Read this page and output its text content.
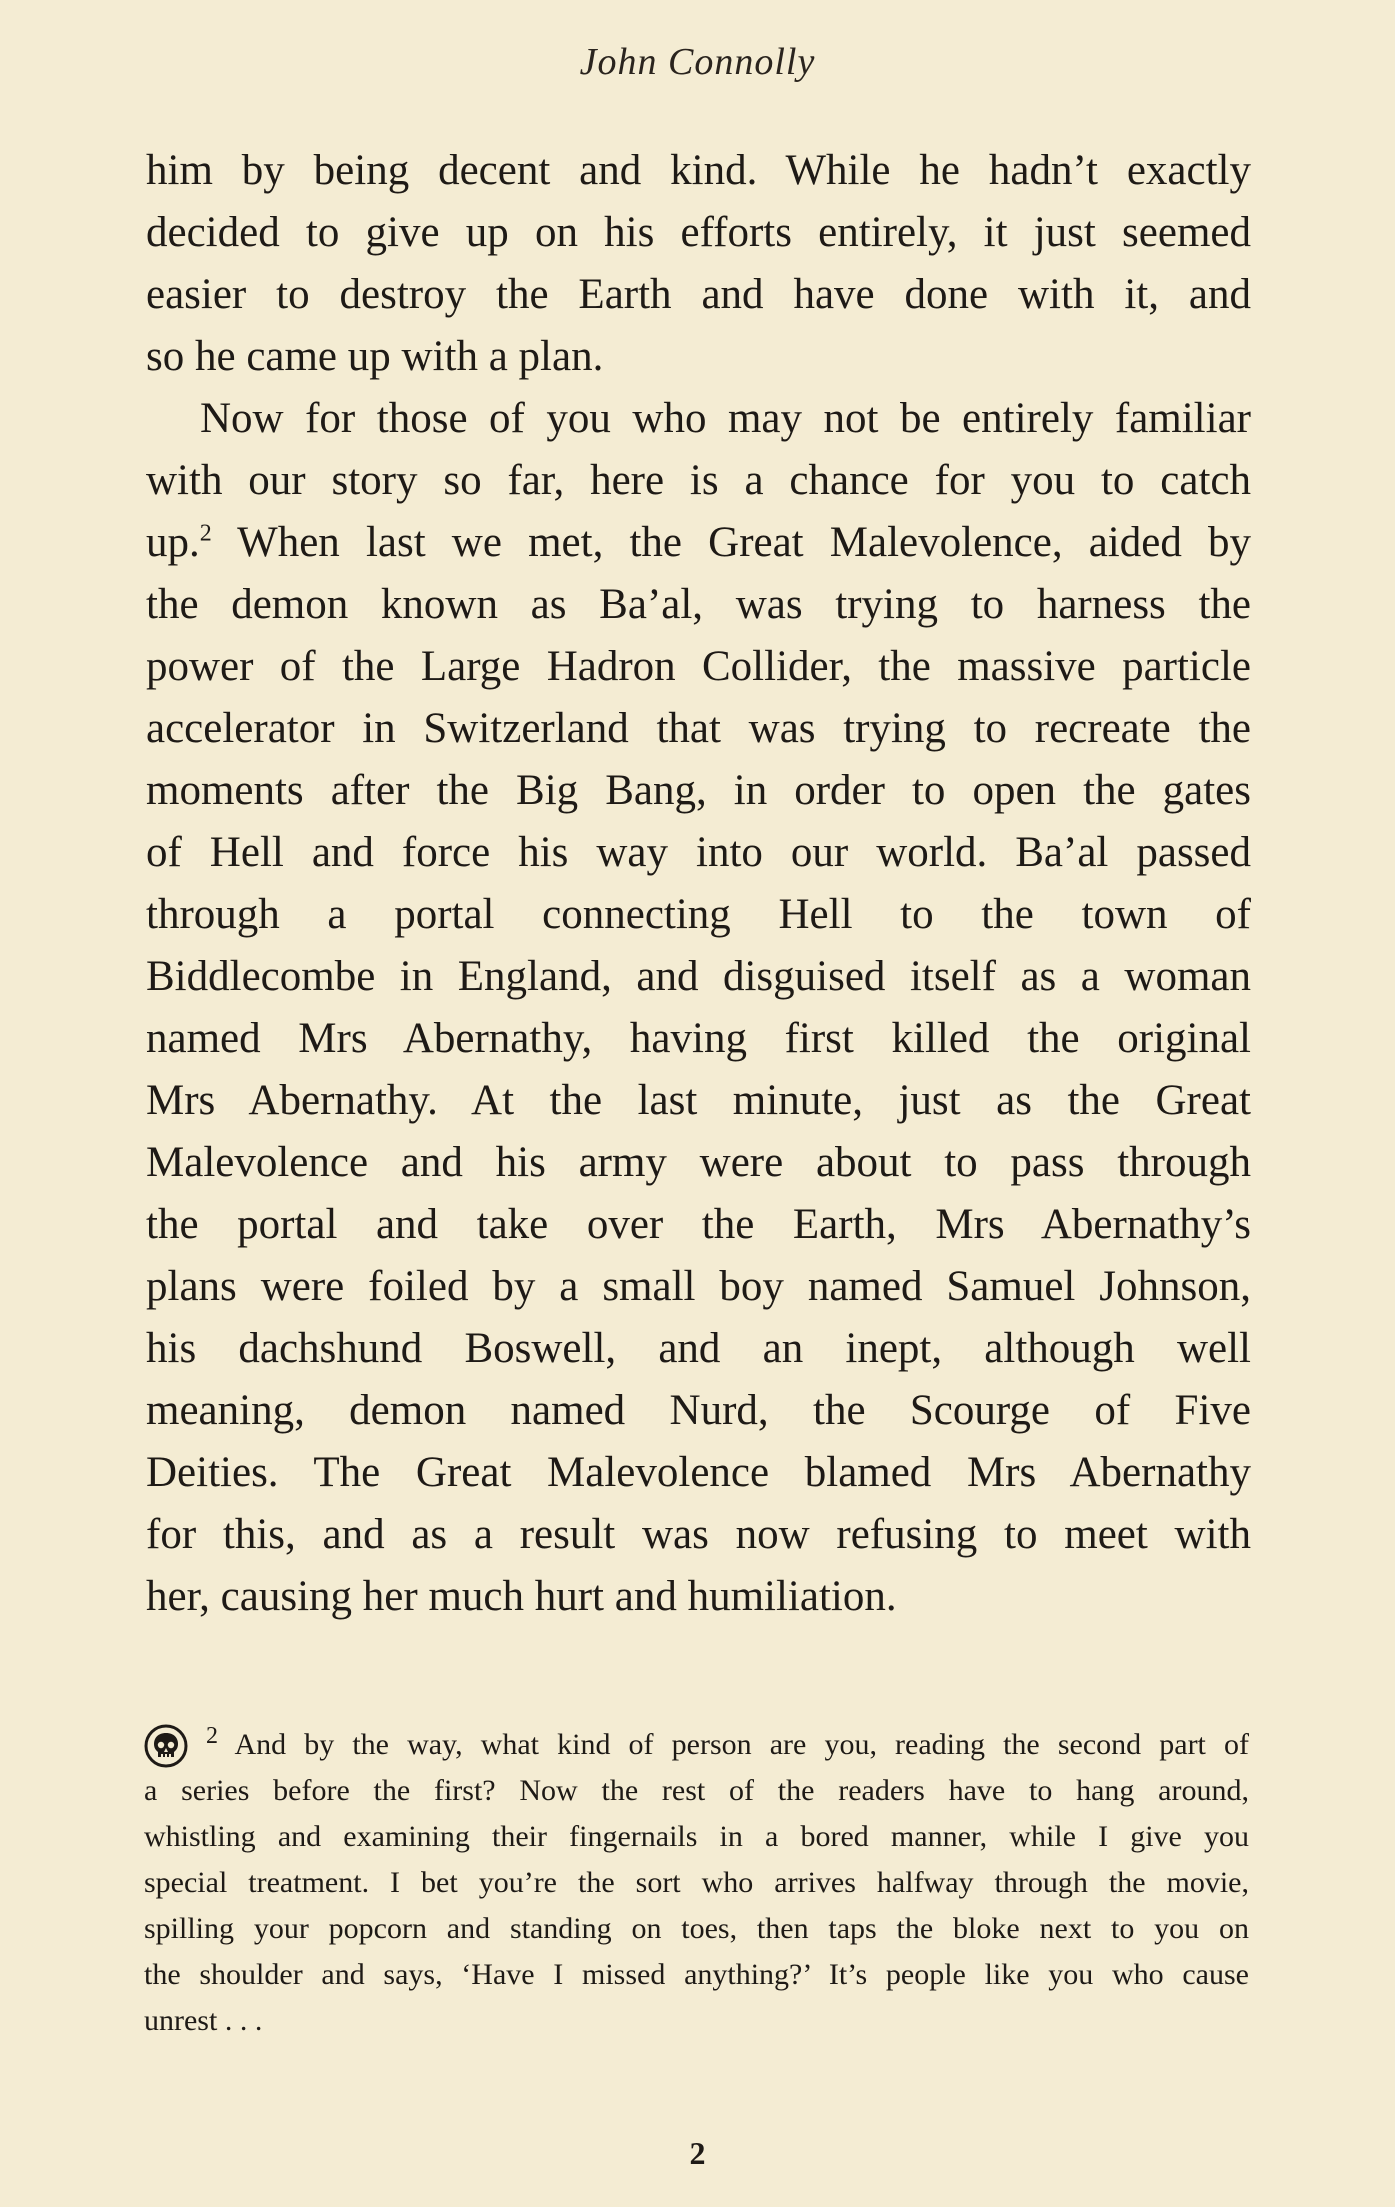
John Connolly
him by being decent and kind. While he hadn’t exactly
decided to give up on his efforts entirely, it just seemed
easier to destroy the Earth and have done with it, and
so he came up with a plan.
Now for those of you who may not be entirely familiar
with our story so far, here is a chance for you to catch
up.$^2$ When last we met, the Great Malevolence, aided by
the demon known as Ba’al, was trying to harness the
power of the Large Hadron Collider, the massive particle
accelerator in Switzerland that was trying to recreate the
moments after the Big Bang, in order to open the gates
of Hell and force his way into our world. Ba’al passed
through a portal connecting Hell to the town of
Biddlecombe in England, and disguised itself as a woman
named Mrs Abernathy, having first killed the original
Mrs Abernathy. At the last minute, just as the Great
Malevolence and his army were about to pass through
the portal and take over the Earth, Mrs Abernathy’s
plans were foiled by a small boy named Samuel Johnson,
his dachshund Boswell, and an inept, although well
meaning, demon named Nurd, the Scourge of Five
Deities. The Great Malevolence blamed Mrs Abernathy
for this, and as a result was now refusing to meet with
her, causing her much hurt and humiliation.
$^2$ And by the way, what kind of person are you, reading the second part of
a series before the first? Now the rest of the readers have to hang around,
whistling and examining their fingernails in a bored manner, while I give you
special treatment. I bet you’re the sort who arrives halfway through the movie,
spilling your popcorn and standing on toes, then taps the bloke next to you on
the shoulder and says, ‘Have I missed anything?’ It’s people like you who cause
unrest . . .
2
